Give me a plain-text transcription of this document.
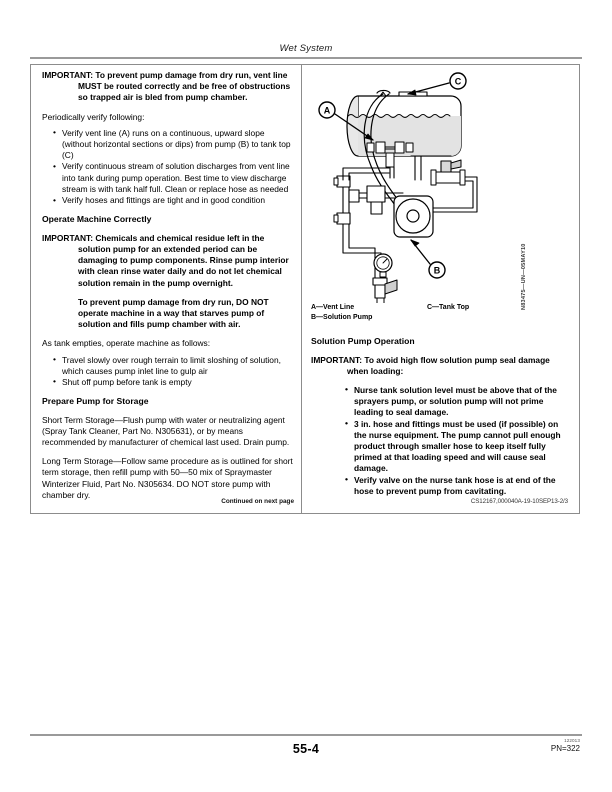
Wet System

IMPORTANT: To prevent pump damage from dry run, vent line MUST be routed correctly and be free of obstructions so trapped air is bled from pump chamber.

Periodically verify following:

• Verify vent line (A) runs on a continuous, upward slope (without horizontal sections or dips) from pump (B) to tank top (C)
• Verify continuous stream of solution discharges from vent line into tank during pump operation. Best time to view discharge stream is with tank half full. Clean or replace hose as needed
• Verify hoses and fittings are tight and in good condition
Operate Machine Correctly

IMPORTANT: Chemicals and chemical residue left in the solution pump for an extended period can be damaging to pump components. Rinse pump interior with clean rinse water daily and do not let chemical solution remain in the pump overnight.

To prevent pump damage from dry run, DO NOT operate machine in a way that starves pump of solution and fills pump chamber with air.

As tank empties, operate machine as follows:

• Travel slowly over rough terrain to limit sloshing of solution, which causes pump inlet line to gulp air
• Shut off pump before tank is empty
Prepare Pump for Storage

Short Term Storage—Flush pump with water or neutralizing agent (Spray Tank Cleaner, Part No. N305631), or by means recommended by manufacturer of chemical last used. Drain pump.

Long Term Storage—Follow same procedure as is outlined for short term storage, then refill pump with 50—50 mix of Spraymaster Winterizer Fluid, Part No. N305634. DO NOT store pump with chamber dry.

C
A
B	N83475—UN—05MAY10
A—Vent Line
B—Solution Pump
C—Tank Top
Solution Pump Operation

IMPORTANT: To avoid high flow solution pump seal damage when loading:

• Nurse tank solution level must be above that of the sprayers pump, or solution pump will not prime leading to seal damage.
• 3 in. hose and fittings must be used (if possible) on the nurse equipment. The pump cannot pull enough product through smaller hose to keep itself fully primed at that loading speed and will cause seal damage.
• Verify valve on the nurse tank hose is at end of the hose to prevent pump from cavitating.
Continued on next page	CS12167,000040A-19-10SEP13-2/3
55-4
122013
PN=322
